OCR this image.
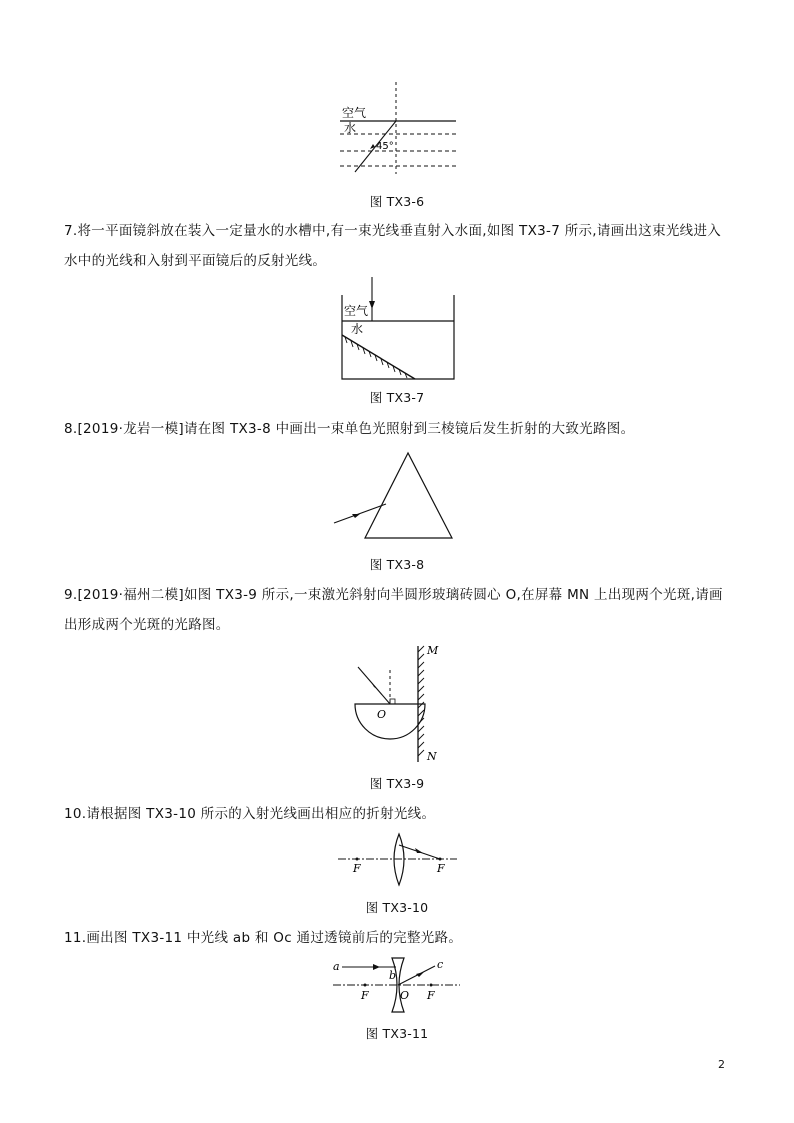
空气
水
45°
图 TX3-6
7.将一平面镜斜放在装入一定量水的水槽中,有一束光线垂直射入水面,如图 TX3-7 所示,请画出这束光线进入水中的光线和入射到平面镜后的反射光线。
空气
水
图 TX3-7
8.[2019·龙岩一模]请在图 TX3-8 中画出一束单色光照射到三棱镜后发生折射的大致光路图。
图 TX3-8
9.[2019·福州二模]如图 TX3-9 所示,一束激光斜射向半圆形玻璃砖圆心 O,在屏幕 MN 上出现两个光斑,请画出形成两个光斑的光路图。
O
M
N
图 TX3-9
10.请根据图 TX3-10 所示的入射光线画出相应的折射光线。
F	F
图 TX3-10
11.画出图 TX3-11 中光线 ab 和 Oc 通过透镜前后的完整光路。
a
b
c
O
F	F
图 TX3-11
2
